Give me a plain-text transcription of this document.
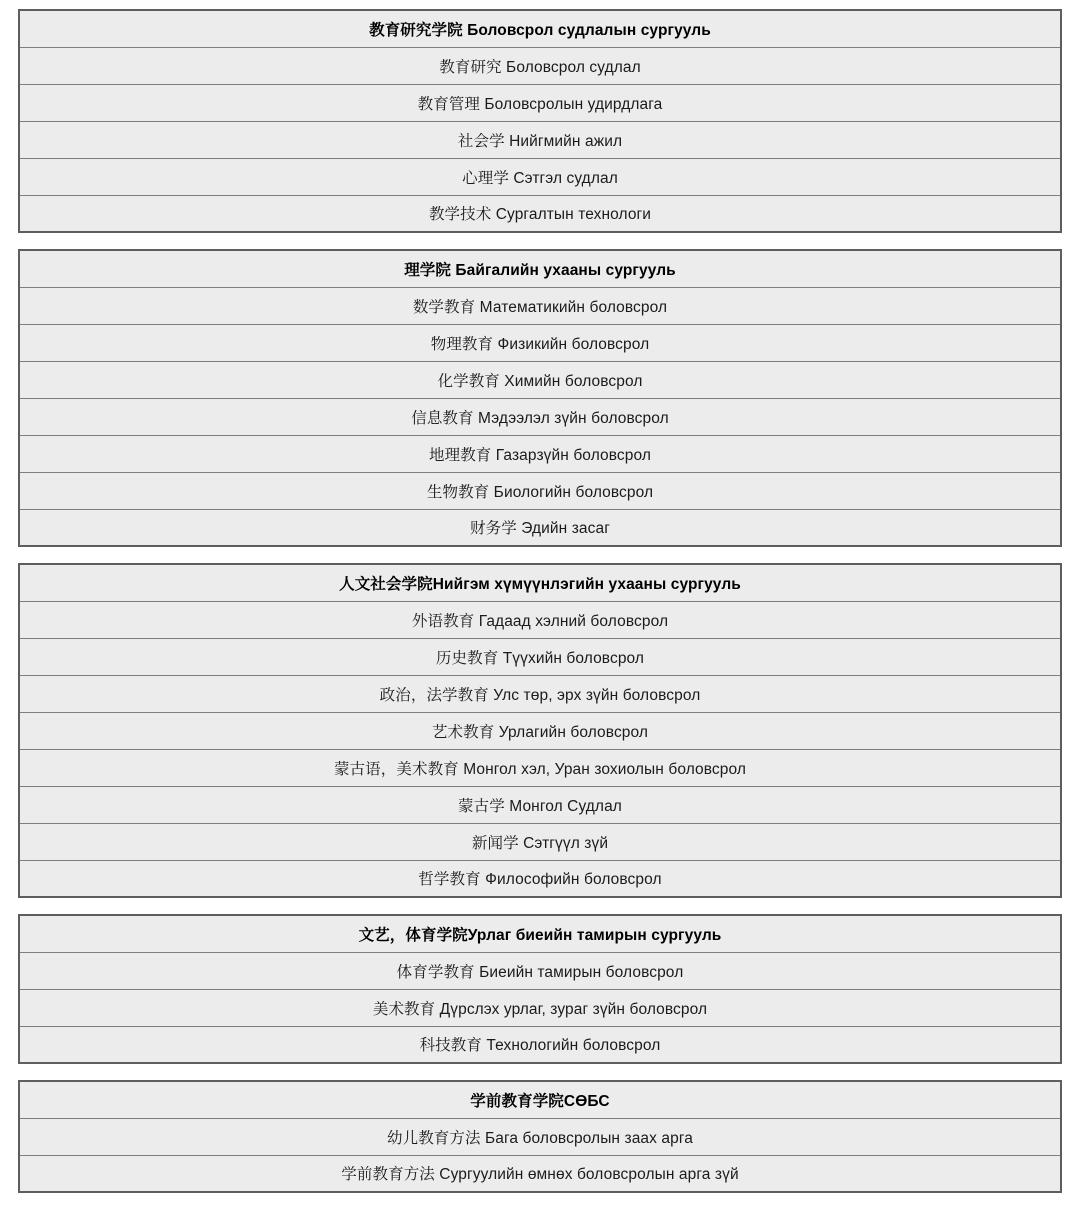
教育研究学院 Боловсрол судлалын сургууль
教育研究 Боловсрол судлал
教育管理 Боловсролын удирдлага
社会学 Нийгмийн ажил
心理学 Сэтгэл судлал
教学技术 Сургалтын технологи
理学院 Байгалийн ухааны сургууль
数学教育 Математикийн боловсрол
物理教育 Физикийн боловсрол
化学教育 Химийн боловсрол
信息教育 Мэдээлэл зүйн боловсрол
地理教育 Газарзүйн боловсрол
生物教育 Биологийн боловсрол
财务学 Эдийн засаг
人文社会学院Нийгэм хүмүүнлэгийн ухааны сургууль
外语教育 Гадаад хэлний боловсрол
历史教育 Түүхийн боловсрол
政治，法学教育 Улс төр, эрх зүйн боловсрол
艺术教育 Урлагийн боловсрол
蒙古语，美术教育 Монгол хэл, Уран зохиолын боловсрол
蒙古学 Монгол Судлал
新闻学 Сэтгүүл зүй
哲学教育 Философийн боловсрол
文艺，体育学院Урлаг биеийн тамирын сургууль
体育学教育 Биеийн тамирын боловсрол
美术教育 Дүрслэх урлаг, зураг зүйн боловсрол
科技教育 Технологийн боловсрол
学前教育学院СӨБС
幼儿教育方法 Бага боловсролын заах арга
学前教育方法 Сургуулийн өмнөх боловсролын арга зүй
